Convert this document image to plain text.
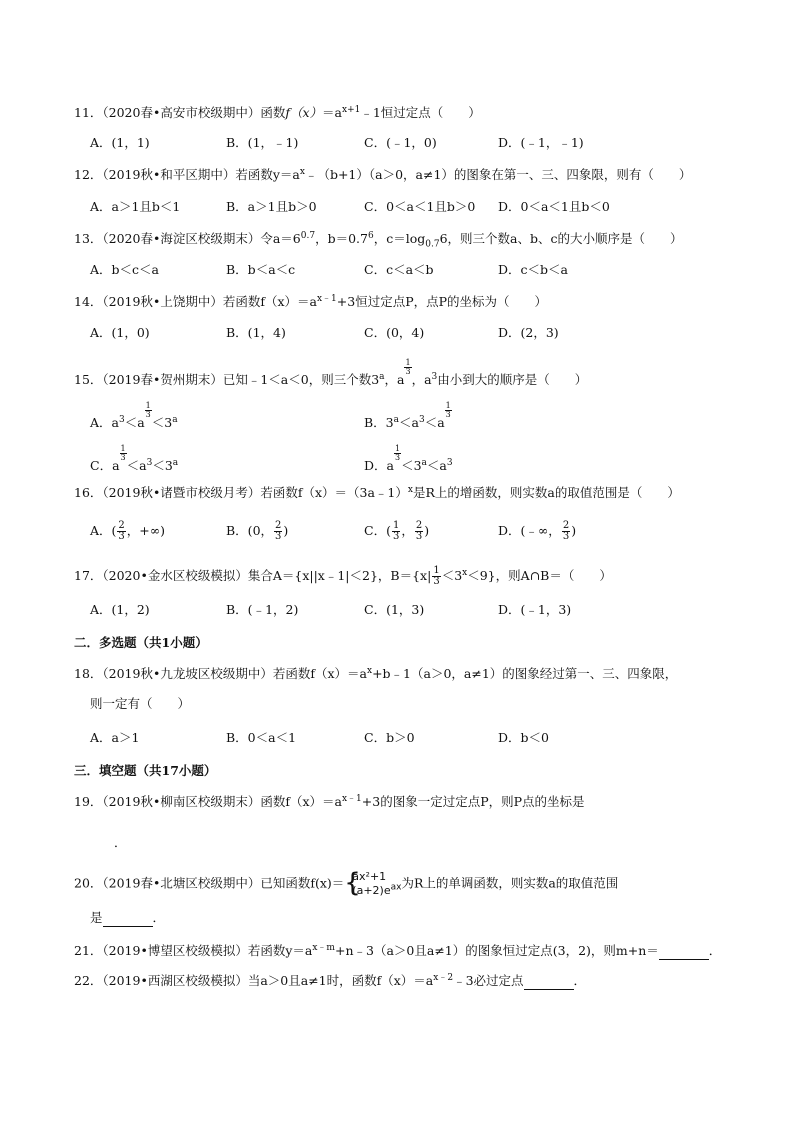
11．（2020春•高安市校级期中）函数$f(x)=a^{x+1}﹣1$恒过定点（　　）
A．(1，1)	B．(1，﹣1)	C．(﹣1，0)	D．(﹣1，﹣1)
12．（2019秋•和平区期中）若函数$y=a^x﹣(b+1)(a>0$，a≠1）的图象在第一、三、四象限，则有（　　）
A．a＞1且b＜1	B．a＞1且b＞0	C．0＜a＜1且b＞0 D．0＜a＜1且b＜0
13．（2020春•海淀区校级期末）令$a=6^{0.7}$，$b=0.7^6$，$c=\log_{0.7}6$，则三个数a、b、c的大小顺序是（　　）
A．b＜c＜a	B．b＜a＜c	C．c＜a＜b	D．c＜b＜a
14．（2019秋•上饶期中）若函数$f(x)=a^{x﹣1}+3$恒过定点P，点P的坐标为（　　）
A．(1，0)	B．(1，4)	C．(0，4)	D．(2，3)
15．（2019春•贺州期末）已知﹣1＜a＜0，则三个数3$^a$，a
$\frac{1}{3}$
，$a^3$由小到大的顺序是（　　）
A．$a^3<a$
$\frac{1}{3}$
$<3^a$	B．$3^a<a^3<a$
$\frac{1}{3}$
C．a
$\frac{1}{3}$
$<a^3<3^a$	D．a
$\frac{1}{3}$
$<3^a<a^3$
16．（2019秋•诸暨市校级月考）若函数f（x）＝（3a﹣1）$^x$是R上的增函数，则实数a的取值范围是（　　）
A．( $\frac{2}{3}$ ，+∞)	B．(0， $\frac{2}{3}$ )	C．( $\frac{1}{3}$ ， $\frac{2}{3}$ )	D．(﹣∞， $\frac{2}{3}$ )
17．（2020•金水区校级模拟）集合A＝{x||x﹣1|＜2}，$B=\{x| \frac{1}{3} <3^x<9\}$，则A∩B＝（　　）
A．(1，2)	B．(﹣1，2)	C．(1，3)	D．(﹣1，3)
二．多选题（共1小题）
18．（2019秋•九龙坡区校级期中）若函数$f(x)=a^x+b﹣1(a>0$，a≠1）的图象经过第一、三、四象限，
则一定有（　　）
A．a＞1	B．0＜a＜1	C．b＞0	D．b＜0
三．填空题（共17小题）
19．（2019秋•柳南区校级期末）函数$f(x)=a^{x﹣1}+3$的图象一定过定点P，则P点的坐标是
．
20．（2019春•北塘区校级期中）已知函数f(x)＝ {
ax²+1
$(a+2)e^{ax}$ 为R上的单调函数，则实数a的取值范围
是	．
21．（2019•博望区校级模拟）若函数$y=a^{x﹣m}+n﹣3(a>0$且a≠1）的图象恒过定点(3，2)，则m+n＝	．
22．（2019•西湖区校级模拟）当a＞0且a≠1时，函数$f(x)=a^{x﹣2}﹣3$必过定点	．
